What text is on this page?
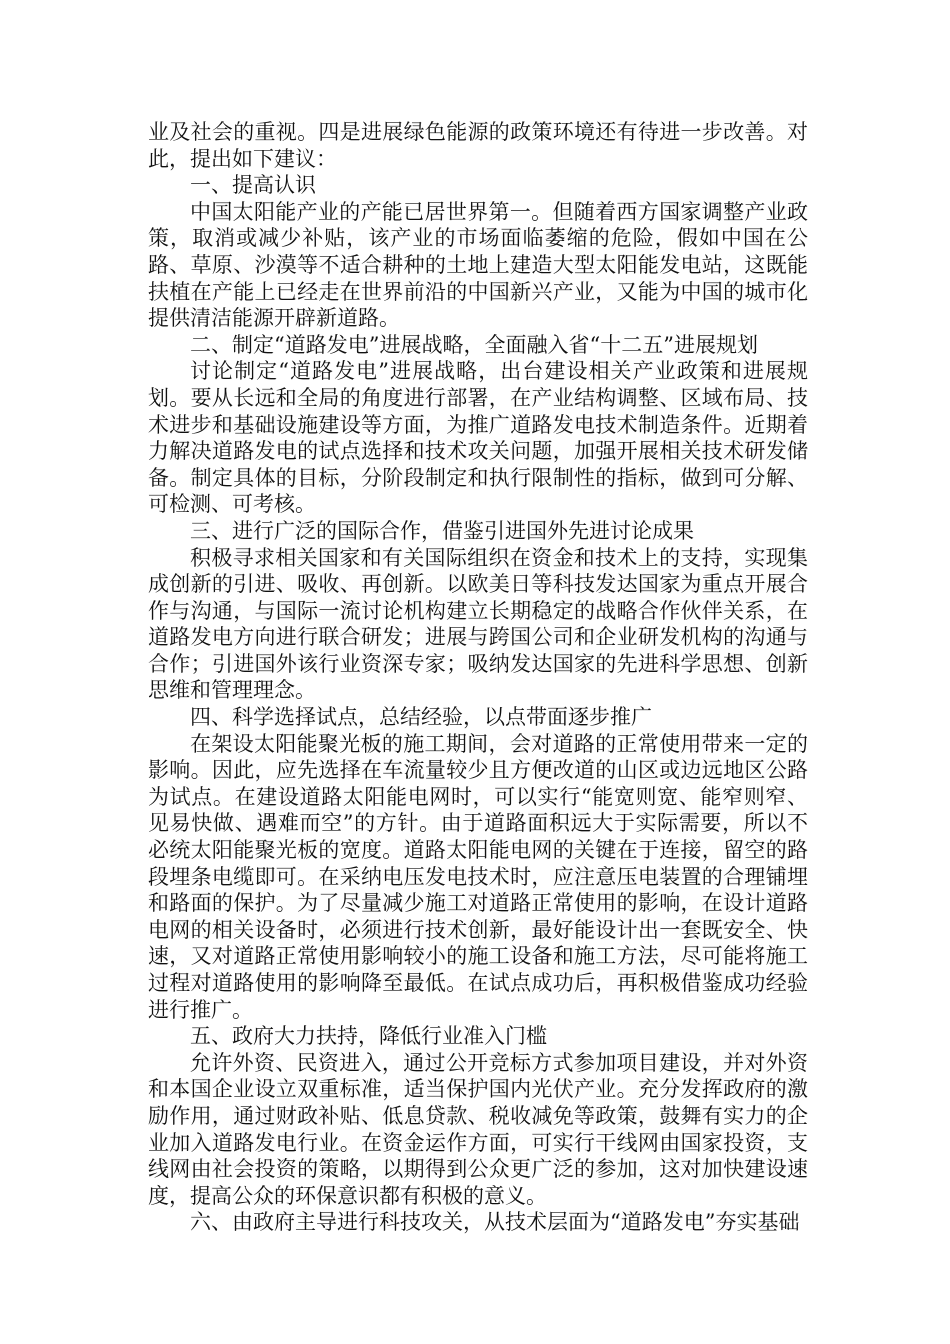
业及社会的重视。四是进展绿色能源的政策环境还有待进一步改善。对此，提出如下建议：

一、提高认识

中国太阳能产业的产能已居世界第一。但随着西方国家调整产业政策，取消或减少补贴，该产业的市场面临萎缩的危险，假如中国在公路、草原、沙漠等不适合耕种的土地上建造大型太阳能发电站，这既能扶植在产能上已经走在世界前沿的中国新兴产业，又能为中国的城市化提供清洁能源开辟新道路。

二、制定“道路发电”进展战略，全面融入省“十二五”进展规划

讨论制定“道路发电”进展战略，出台建设相关产业政策和进展规划。要从长远和全局的角度进行部署，在产业结构调整、区域布局、技术进步和基础设施建设等方面，为推广道路发电技术制造条件。近期着力解决道路发电的试点选择和技术攻关问题，加强开展相关技术研发储备。制定具体的目标，分阶段制定和执行限制性的指标，做到可分解、可检测、可考核。

三、进行广泛的国际合作，借鉴引进国外先进讨论成果

积极寻求相关国家和有关国际组织在资金和技术上的支持，实现集成创新的引进、吸收、再创新。以欧美日等科技发达国家为重点开展合作与沟通，与国际一流讨论机构建立长期稳定的战略合作伙伴关系，在道路发电方向进行联合研发；进展与跨国公司和企业研发机构的沟通与合作；引进国外该行业资深专家；吸纳发达国家的先进科学思想、创新思维和管理理念。

四、科学选择试点，总结经验，以点带面逐步推广

在架设太阳能聚光板的施工期间，会对道路的正常使用带来一定的影响。因此，应先选择在车流量较少且方便改道的山区或边远地区公路为试点。在建设道路太阳能电网时，可以实行“能宽则宽、能窄则窄、见易快做、遇难而空”的方针。由于道路面积远大于实际需要，所以不必统太阳能聚光板的宽度。道路太阳能电网的关键在于连接，留空的路段埋条电缆即可。在采纳电压发电技术时，应注意压电装置的合理铺埋和路面的保护。为了尽量减少施工对道路正常使用的影响，在设计道路电网的相关设备时，必须进行技术创新，最好能设计出一套既安全、快速，又对道路正常使用影响较小的施工设备和施工方法，尽可能将施工过程对道路使用的影响降至最低。在试点成功后，再积极借鉴成功经验进行推广。

五、政府大力扶持，降低行业准入门槛

允许外资、民资进入，通过公开竞标方式参加项目建设，并对外资和本国企业设立双重标准，适当保护国内光伏产业。充分发挥政府的激励作用，通过财政补贴、低息贷款、税收减免等政策，鼓舞有实力的企业加入道路发电行业。在资金运作方面，可实行干线网由国家投资，支线网由社会投资的策略，以期得到公众更广泛的参加，这对加快建设速度，提高公众的环保意识都有积极的意义。

六、由政府主导进行科技攻关，从技术层面为“道路发电”夯实基础
